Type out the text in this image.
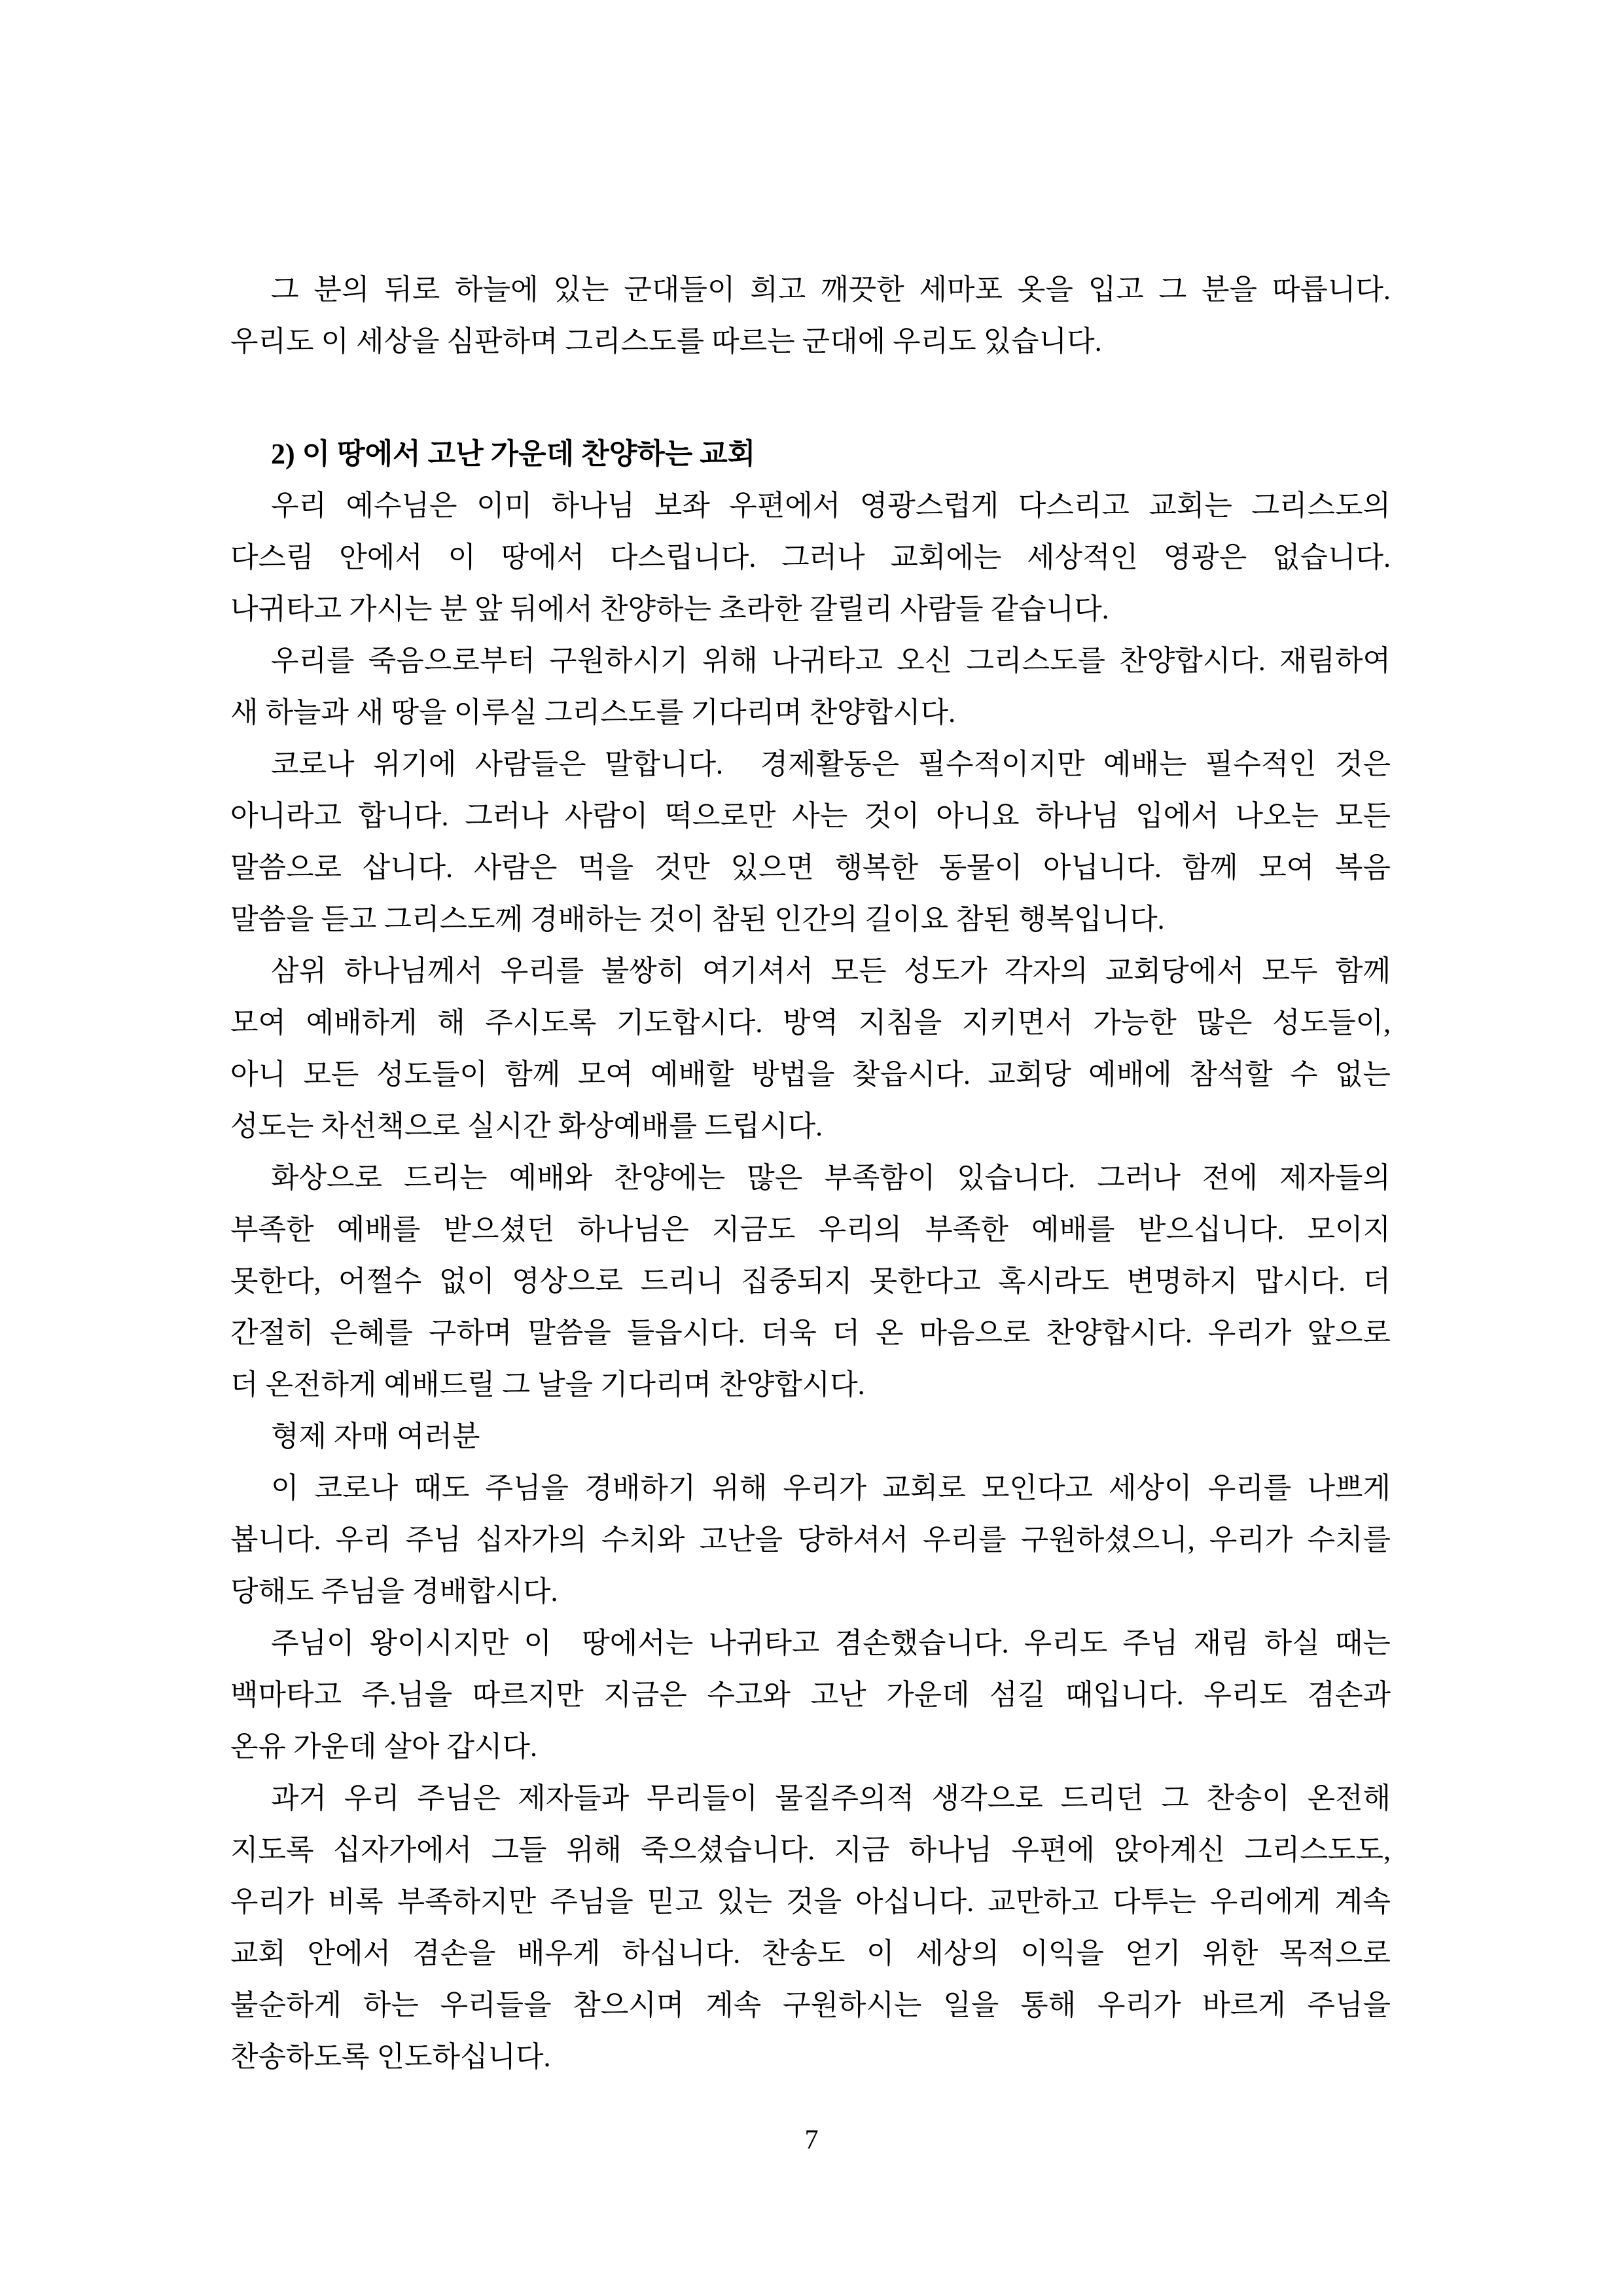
그 분의 뒤로 하늘에 있는 군대들이 희고 깨끗한 세마포 옷을 입고 그 분을 따릅니다.
우리도 이 세상을 심판하며 그리스도를 따르는 군대에 우리도 있습니다.
2) 이 땅에서 고난 가운데 찬양하는 교회
우리 예수님은 이미 하나님 보좌 우편에서 영광스럽게 다스리고 교회는 그리스도의
다스림 안에서 이 땅에서 다스립니다. 그러나 교회에는 세상적인 영광은 없습니다.
나귀타고 가시는 분 앞 뒤에서 찬양하는 초라한 갈릴리 사람들 같습니다.
우리를 죽음으로부터 구원하시기 위해 나귀타고 오신 그리스도를 찬양합시다. 재림하여
새 하늘과 새 땅을 이루실 그리스도를 기다리며 찬양합시다.
코로나 위기에 사람들은 말합니다. 경제활동은 필수적이지만 예배는 필수적인 것은
아니라고 합니다. 그러나 사람이 떡으로만 사는 것이 아니요 하나님 입에서 나오는 모든
말씀으로 삽니다. 사람은 먹을 것만 있으면 행복한 동물이 아닙니다. 함께 모여 복음
말씀을 듣고 그리스도께 경배하는 것이 참된 인간의 길이요 참된 행복입니다.
삼위 하나님께서 우리를 불쌍히 여기셔서 모든 성도가 각자의 교회당에서 모두 함께
모여 예배하게 해 주시도록 기도합시다. 방역 지침을 지키면서 가능한 많은 성도들이,
아니 모든 성도들이 함께 모여 예배할 방법을 찾읍시다. 교회당 예배에 참석할 수 없는
성도는 차선책으로 실시간 화상예배를 드립시다.
화상으로 드리는 예배와 찬양에는 많은 부족함이 있습니다. 그러나 전에 제자들의
부족한 예배를 받으셨던 하나님은 지금도 우리의 부족한 예배를 받으십니다. 모이지
못한다, 어쩔수 없이 영상으로 드리니 집중되지 못한다고 혹시라도 변명하지 맙시다. 더
간절히 은혜를 구하며 말씀을 들읍시다. 더욱 더 온 마음으로 찬양합시다. 우리가 앞으로
더 온전하게 예배드릴 그 날을 기다리며 찬양합시다.
형제 자매 여러분
이 코로나 때도 주님을 경배하기 위해 우리가 교회로 모인다고 세상이 우리를 나쁘게
봅니다. 우리 주님 십자가의 수치와 고난을 당하셔서 우리를 구원하셨으니, 우리가 수치를
당해도 주님을 경배합시다.
주님이 왕이시지만 이 땅에서는 나귀타고 겸손했습니다. 우리도 주님 재림 하실 때는
백마타고 주.님을 따르지만 지금은 수고와 고난 가운데 섬길 때입니다. 우리도 겸손과
온유 가운데 살아 갑시다.
과거 우리 주님은 제자들과 무리들이 물질주의적 생각으로 드리던 그 찬송이 온전해
지도록 십자가에서 그들 위해 죽으셨습니다. 지금 하나님 우편에 앉아계신 그리스도도,
우리가 비록 부족하지만 주님을 믿고 있는 것을 아십니다. 교만하고 다투는 우리에게 계속
교회 안에서 겸손을 배우게 하십니다. 찬송도 이 세상의 이익을 얻기 위한 목적으로
불순하게 하는 우리들을 참으시며 계속 구원하시는 일을 통해 우리가 바르게 주님을
찬송하도록 인도하십니다.
7
